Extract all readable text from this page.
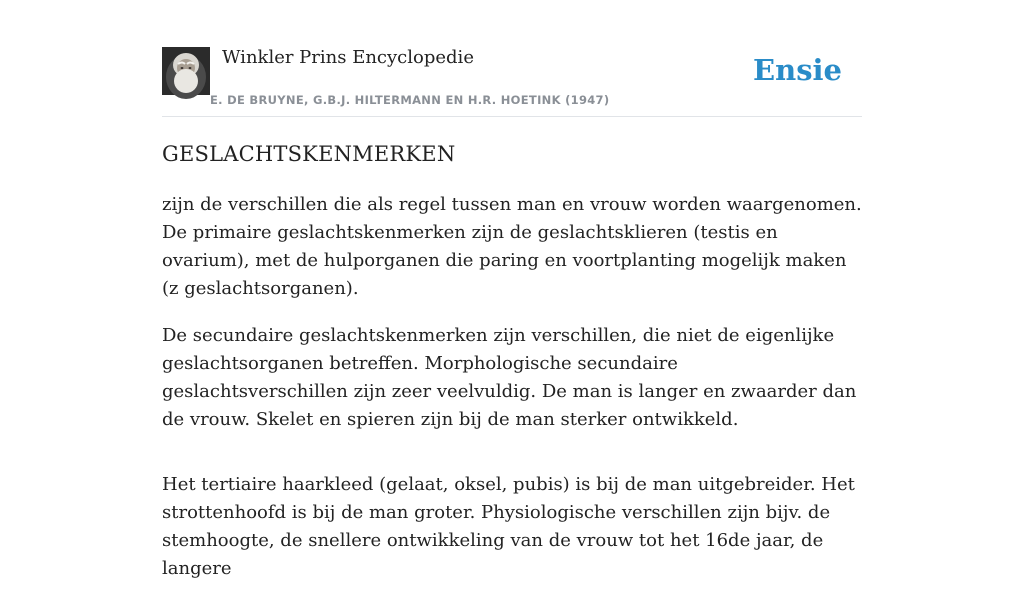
Winkler Prins Encyclopedie
E. DE BRUYNE, G.B.J. HILTERMANN EN H.R. HOETINK (1947)
Ensie
GESLACHTSKENMERKEN

zijn de verschillen die als regel tussen man en vrouw worden waargenomen. De primaire geslachtskenmerken zijn de geslachtsklieren (testis en ovarium), met de hulporganen die paring en voortplanting mogelijk maken (z geslachtsorganen).

De secundaire geslachtskenmerken zijn verschillen, die niet de eigenlijke geslachtsorganen betreffen. Morphologische secundaire geslachtsverschillen zijn zeer veelvuldig. De man is langer en zwaarder dan de vrouw. Skelet en spieren zijn bij de man sterker ontwikkeld.

Het tertiaire haarkleed (gelaat, oksel, pubis) is bij de man uitgebreider. Het strottenhoofd is bij de man groter. Physiologische verschillen zijn bijv. de stemhoogte, de snellere ontwikkeling van de vrouw tot het 16de jaar, de langere
